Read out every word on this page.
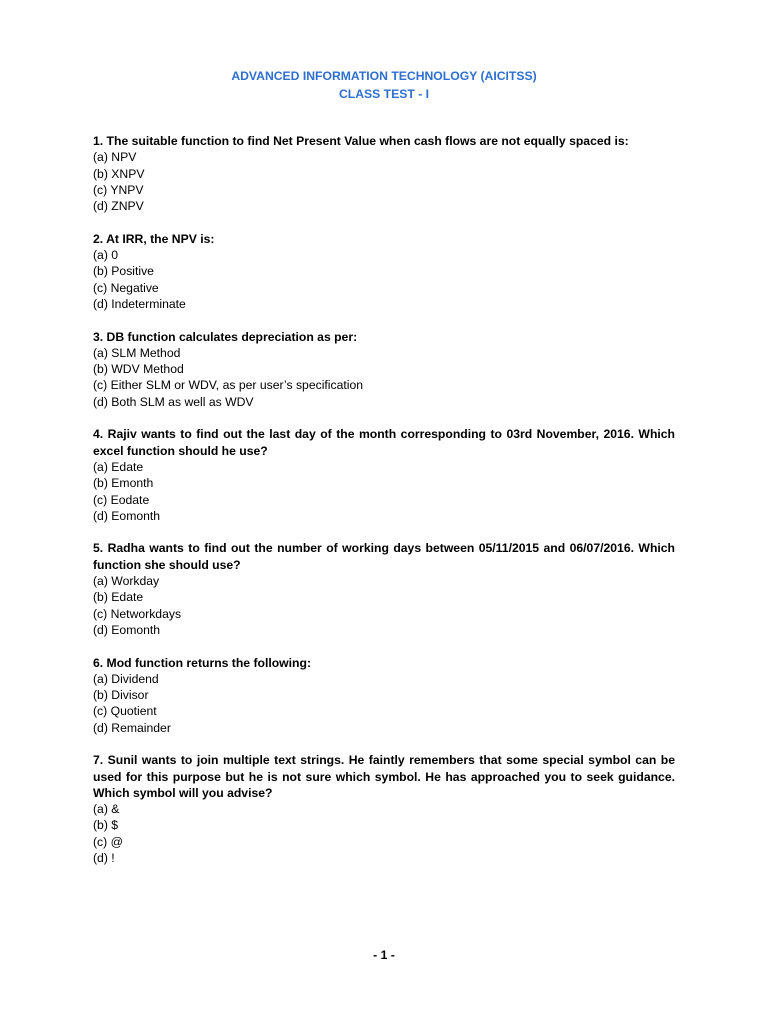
ADVANCED INFORMATION TECHNOLOGY (AICITSS)
CLASS TEST - I
1. The suitable function to find Net Present Value when cash flows are not equally spaced is:
(a) NPV
(b) XNPV
(c) YNPV
(d) ZNPV
2. At IRR, the NPV is:
(a) 0
(b) Positive
(c) Negative
(d) Indeterminate
3. DB function calculates depreciation as per:
(a) SLM Method
(b) WDV Method
(c) Either SLM or WDV, as per user’s specification
(d) Both SLM as well as WDV
4. Rajiv wants to find out the last day of the month corresponding to 03rd November, 2016. Which excel function should he use?
(a) Edate
(b) Emonth
(c) Eodate
(d) Eomonth
5. Radha wants to find out the number of working days between 05/11/2015 and 06/07/2016. Which function she should use?
(a) Workday
(b) Edate
(c) Networkdays
(d) Eomonth
6. Mod function returns the following:
(a) Dividend
(b) Divisor
(c) Quotient
(d) Remainder
7. Sunil wants to join multiple text strings. He faintly remembers that some special symbol can be used for this purpose but he is not sure which symbol. He has approached you to seek guidance. Which symbol will you advise?
(a) &
(b) $
(c) @
(d) !
- 1 -
